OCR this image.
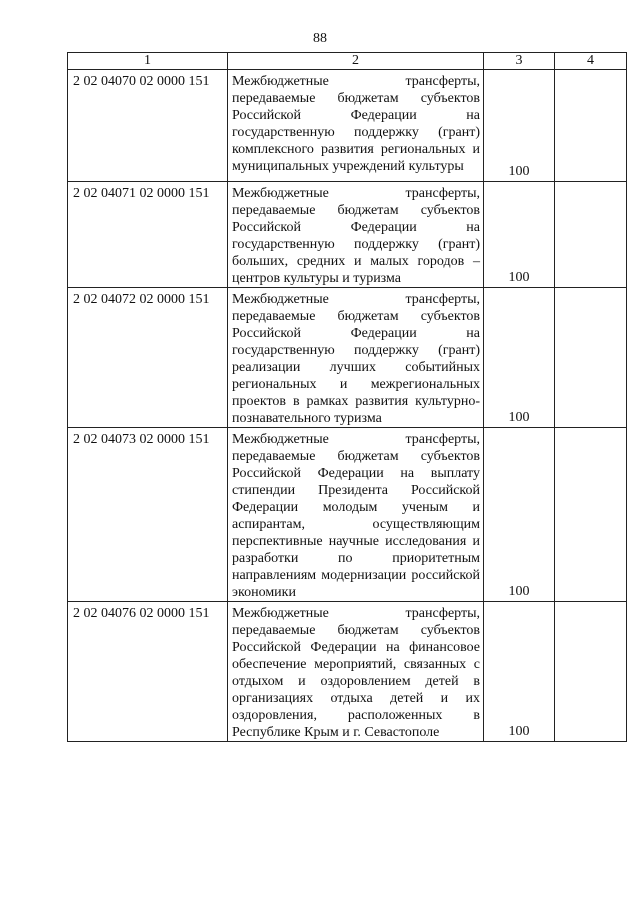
88
1	2	3	4
2 02 04070 02 0000 151	Межбюджетные трансферты, передаваемые бюджетам субъектов Российской Федерации на государственную поддержку (грант) комплексного развития региональных и муниципальных учреждений культуры	100	
2 02 04071 02 0000 151	Межбюджетные трансферты, передаваемые бюджетам субъектов Российской Федерации на государственную поддержку (грант) больших, средних и малых городов – центров культуры и туризма	100	
2 02 04072 02 0000 151	Межбюджетные трансферты, передаваемые бюджетам субъектов Российской Федерации на государственную поддержку (грант) реализации лучших событийных региональных и межрегиональных проектов в рамках развития культурно-познавательного туризма	100	
2 02 04073 02 0000 151	Межбюджетные трансферты, передаваемые бюджетам субъектов Российской Федерации на выплату стипендии Президента Российской Федерации молодым ученым и аспирантам, осуществляющим перспективные научные исследования и разработки по приоритетным направлениям модернизации российской экономики	100	
2 02 04076 02 0000 151	Межбюджетные трансферты, передаваемые бюджетам субъектов Российской Федерации на финансовое обеспечение мероприятий, связанных с отдыхом и оздоровлением детей в организациях отдыха детей и их оздоровления, расположенных в Республике Крым и г. Севастополе	100	
